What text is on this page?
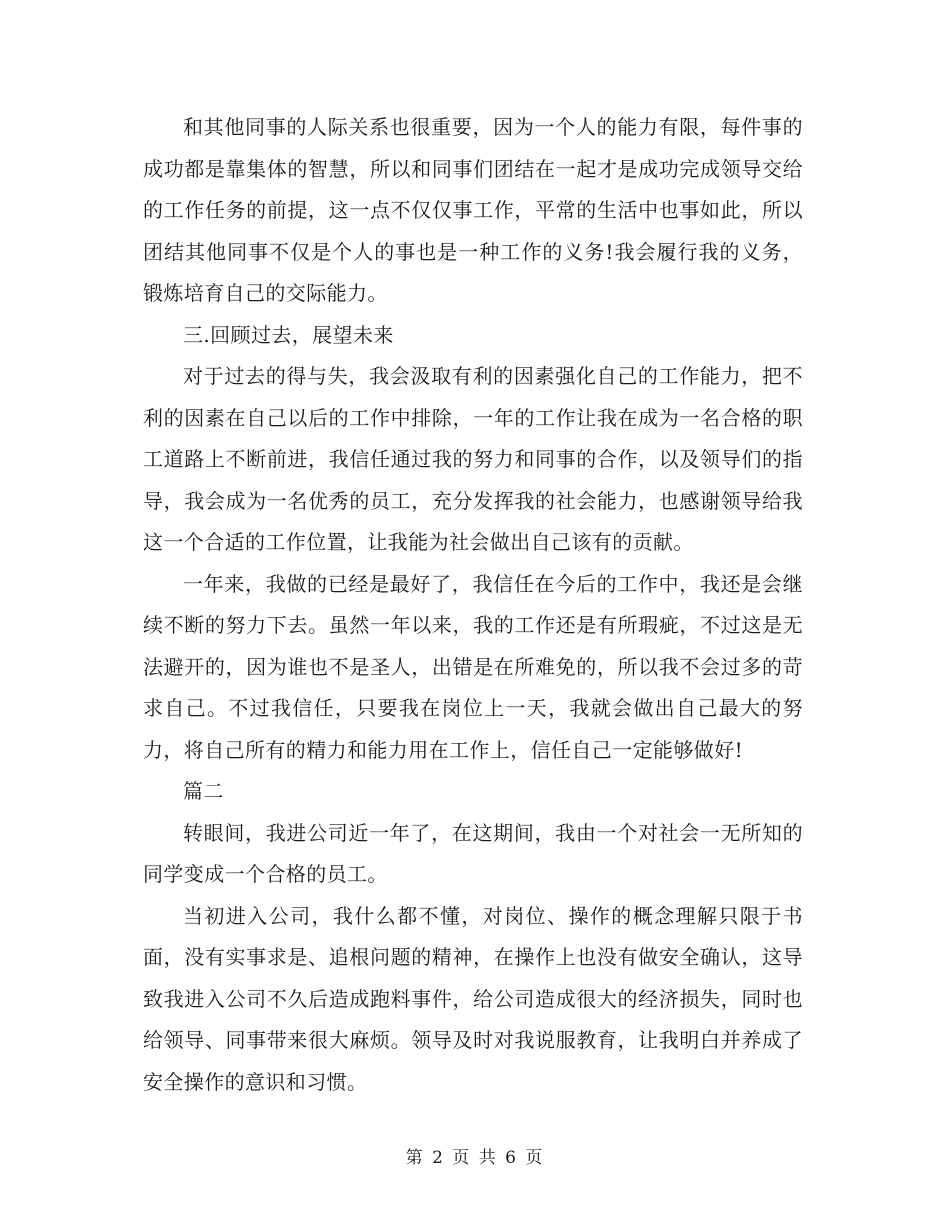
和其他同事的人际关系也很重要，因为一个人的能力有限，每件事的成功都是靠集体的智慧，所以和同事们团结在一起才是成功完成领导交给的工作任务的前提，这一点不仅仅事工作，平常的生活中也事如此，所以团结其他同事不仅是个人的事也是一种工作的义务!我会履行我的义务，锻炼培育自己的交际能力。

三.回顾过去，展望未来

对于过去的得与失，我会汲取有利的因素强化自己的工作能力，把不利的因素在自己以后的工作中排除，一年的工作让我在成为一名合格的职工道路上不断前进，我信任通过我的努力和同事的合作，以及领导们的指导，我会成为一名优秀的员工，充分发挥我的社会能力，也感谢领导给我这一个合适的工作位置，让我能为社会做出自己该有的贡献。

一年来，我做的已经是最好了，我信任在今后的工作中，我还是会继续不断的努力下去。虽然一年以来，我的工作还是有所瑕疵，不过这是无法避开的，因为谁也不是圣人，出错是在所难免的，所以我不会过多的苛求自己。不过我信任，只要我在岗位上一天，我就会做出自己最大的努力，将自己所有的精力和能力用在工作上，信任自己一定能够做好!

篇二

转眼间，我进公司近一年了，在这期间，我由一个对社会一无所知的同学变成一个合格的员工。

当初进入公司，我什么都不懂，对岗位、操作的概念理解只限于书面，没有实事求是、追根问题的精神，在操作上也没有做安全确认，这导致我进入公司不久后造成跑料事件，给公司造成很大的经济损失，同时也给领导、同事带来很大麻烦。领导及时对我说服教育，让我明白并养成了安全操作的意识和习惯。

第 2 页 共 6 页
